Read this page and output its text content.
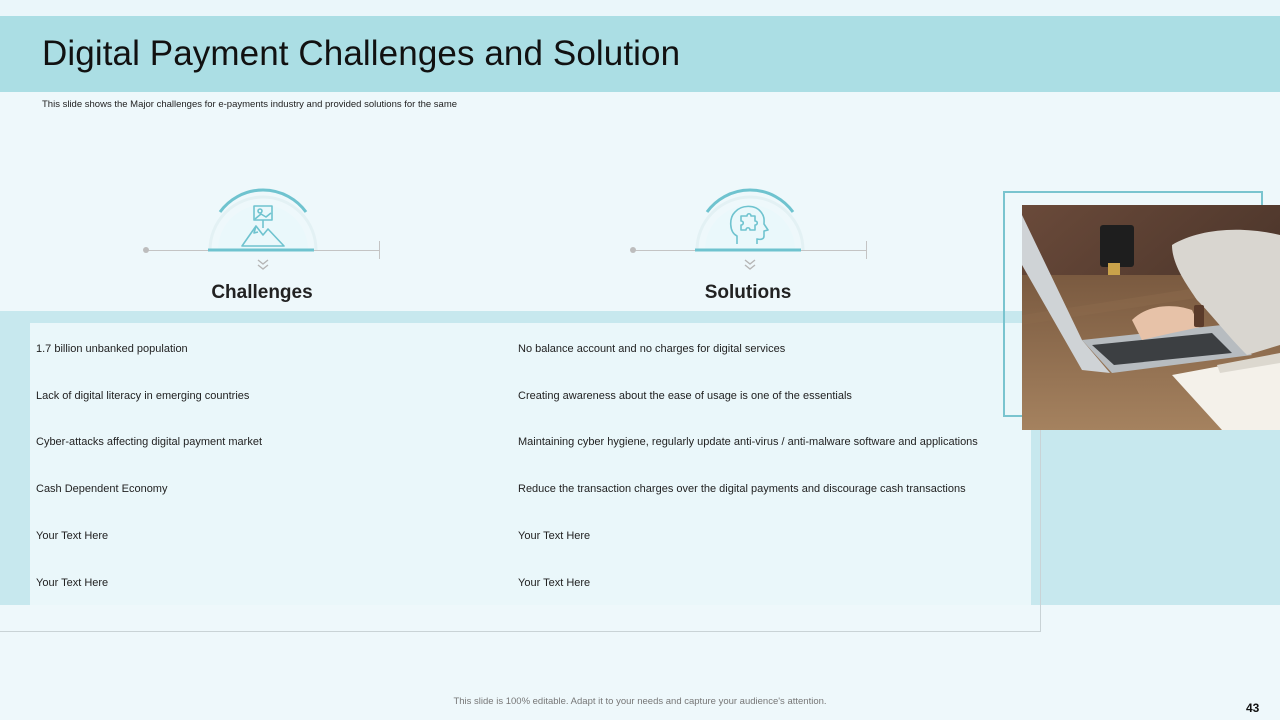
Digital Payment Challenges and Solution
This slide shows the Major challenges for e-payments industry and provided solutions for the same
Challenges	Solutions
1.7 billion unbanked population	No balance account and no charges for digital services
Lack of digital literacy in emerging countries	Creating awareness about the ease of usage is one of the essentials
Cyber-attacks affecting digital payment market	Maintaining cyber hygiene, regularly update anti-virus / anti-malware software and applications
Cash Dependent Economy	Reduce the transaction charges over the digital payments and discourage cash transactions
Your Text Here	Your Text Here
Your Text Here	Your Text Here
This slide is 100% editable. Adapt it to your needs and capture your audience's attention.	43
